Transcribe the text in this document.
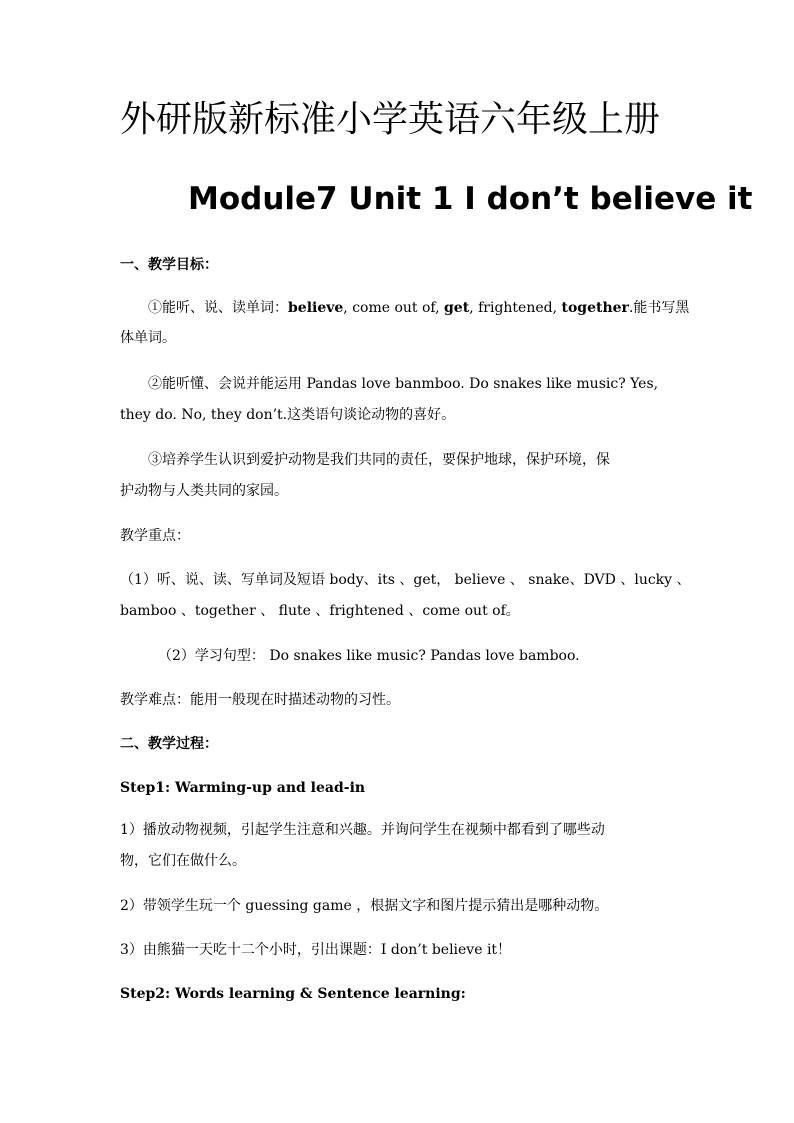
外研版新标准小学英语六年级上册
Module7 Unit 1 I don’t believe it
一、教学目标：
①能听、说、读单词：believe, come out of, get, frightened, together.能书写黑
体单词。
②能听懂、会说并能运用 Pandas love banmboo. Do snakes like music? Yes,
they do. No, they don’t.这类语句谈论动物的喜好。
③培养学生认识到爱护动物是我们共同的责任，要保护地球，保护环境，保
护动物与人类共同的家园。
教学重点：
（1）听、说、读、写单词及短语 body、its 、get， believe 、 snake、DVD 、lucky 、
bamboo 、together 、 flute 、frightened 、come out of。
（2）学习句型： Do snakes like music? Pandas love bamboo.
教学难点：能用一般现在时描述动物的习性。
二、教学过程：
Step1: Warming-up and lead-in
1）播放动物视频，引起学生注意和兴趣。并询问学生在视频中都看到了哪些动
物，它们在做什么。
2）带领学生玩一个 guessing game ，根据文字和图片提示猜出是哪种动物。
3）由熊猫一天吃十二个小时，引出课题：I don’t believe it！
Step2: Words learning & Sentence learning:
